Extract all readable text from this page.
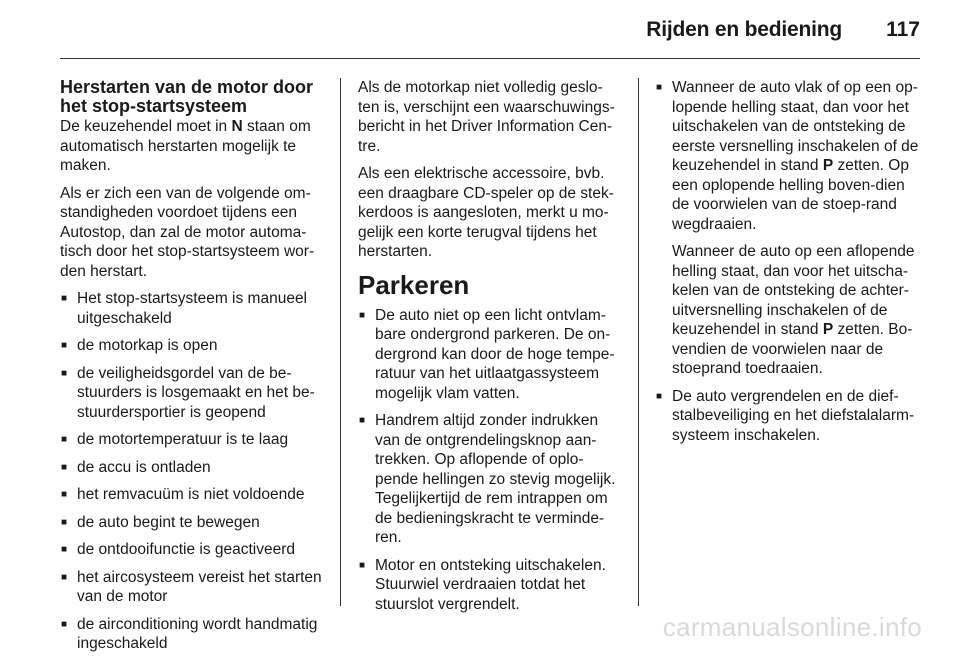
Rijden en bediening 117
Herstarten van de motor door het stop-startsysteem

De keuzehendel moet in N staan om automatisch herstarten mogelijk te maken.

Als er zich een van de volgende om-standigheden voordoet tijdens een Autostop, dan zal de motor automa-tisch door het stop-startsysteem wor-den herstart.

■ Het stop-startsysteem is manueel uitgeschakeld
■ de motorkap is open
■ de veiligheidsgordel van de be-stuurders is losgemaakt en het be-stuurdersportier is geopend
■ de motortemperatuur is te laag
■ de accu is ontladen
■ het remvacuüm is niet voldoende
■ de auto begint te bewegen
■ de ontdooifunctie is geactiveerd
■ het aircosysteem vereist het starten van de motor
■ de airconditioning wordt handmatig ingeschakeld

Als de motorkap niet volledig geslo-ten is, verschijnt een waarschuwings-bericht in het Driver Information Cen-tre.

Als een elektrische accessoire, bvb. een draagbare CD-speler op de stek-kerdoos is aangesloten, merkt u mo-gelijk een korte terugval tijdens het herstarten.

Parkeren
■ De auto niet op een licht ontvlam-bare ondergrond parkeren. De on-dergrond kan door de hoge tempe-ratuur van het uitlaatgassysteem mogelijk vlam vatten.
■ Handrem altijd zonder indrukken van de ontgrendelingsknop aan-trekken. Op aflopende of oplo-pende hellingen zo stevig mogelijk. Tegelijkertijd de rem intrappen om de bedieningskracht te verminde-ren.
■ Motor en ontsteking uitschakelen. Stuurwiel verdraaien totdat het stuurslot vergrendelt.
■ Wanneer de auto vlak of op een op-lopende helling staat, dan voor het uitschakelen van de ontsteking de eerste versnelling inschakelen of de keuzehendel in stand P zetten. Op een oplopende helling boven-dien de voorwielen van de stoep-rand wegdraaien.

Wanneer de auto op een aflopende helling staat, dan voor het uitscha-kelen van de ontsteking de achter-uitversnelling inschakelen of de keuzehendel in stand P zetten. Bo-vendien de voorwielen naar de stoeprand toedraaien.

■ De auto vergrendelen en de dief-stalbeveiliging en het diefstalalarm-systeem inschakelen.
carmanualsonline.info
